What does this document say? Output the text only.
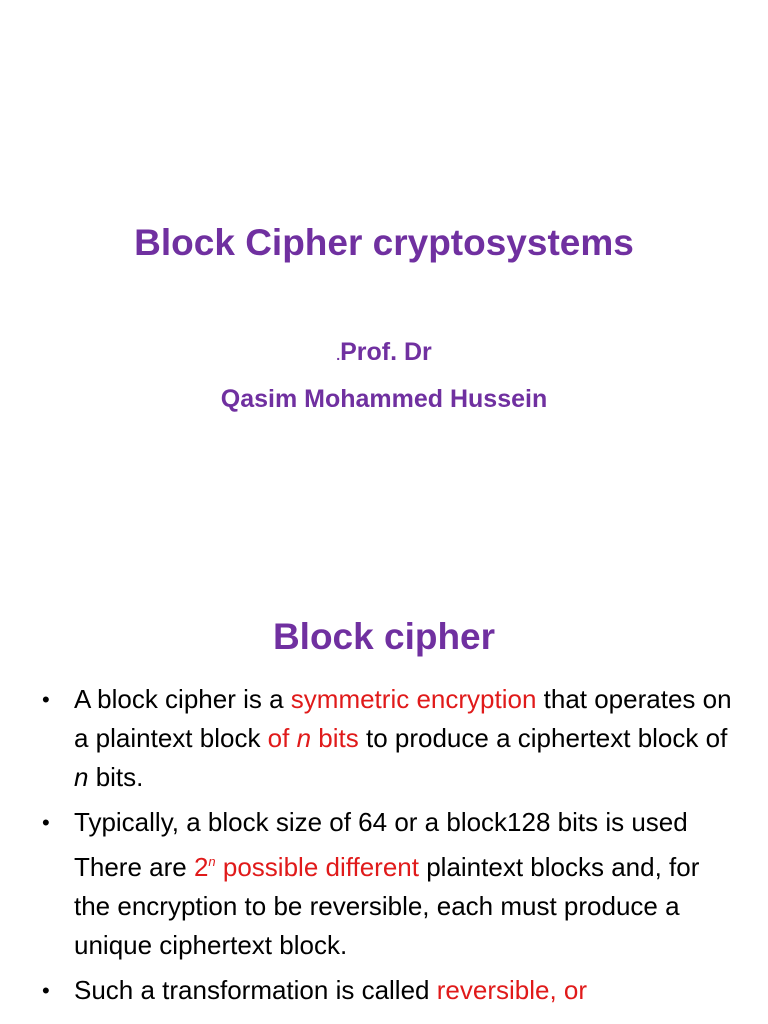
Block Cipher cryptosystems
.Prof. Dr
Qasim Mohammed Hussein
Block cipher
• A block cipher is a symmetric encryption that operates on a plaintext block of n bits to produce a ciphertext block of n bits.
• Typically, a block size of 64 or a block128 bits is used There are 2$^n$ possible different plaintext blocks and, for the encryption to be reversible, each must produce a unique ciphertext block.
• Such a transformation is called reversible, or
